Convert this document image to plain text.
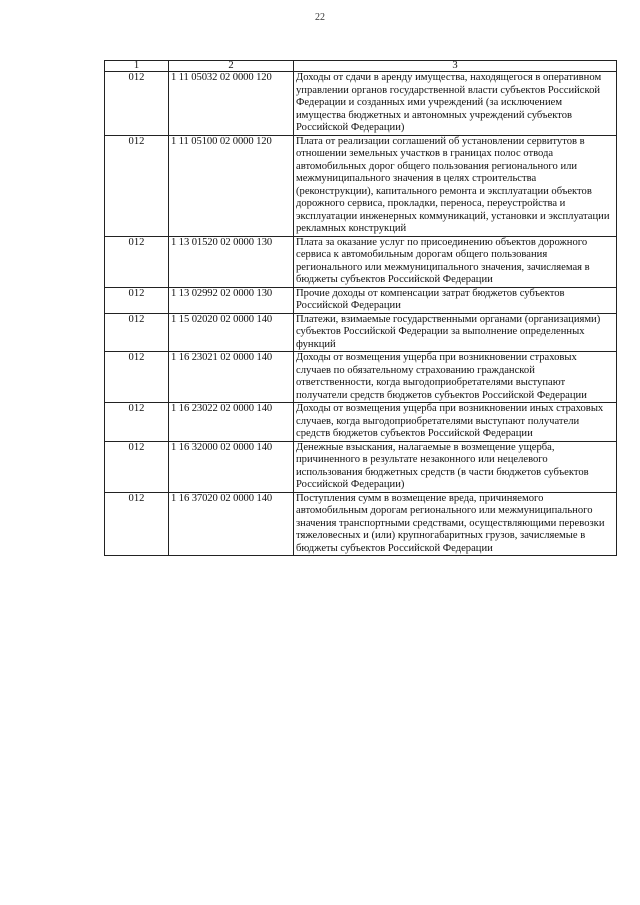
22
1	2	3
012	1 11 05032 02 0000 120	Доходы от сдачи в аренду имущества, находящегося в оперативном управлении органов государственной власти субъектов Российской Федерации и созданных ими учреждений (за исключением имущества бюджетных и автономных учреждений субъектов Российской Федерации)
012	1 11 05100 02 0000 120	Плата от реализации соглашений об установлении сервитутов в отношении земельных участков в границах полос отвода автомобильных дорог общего пользования регионального или межмуниципального значения в целях строительства (реконструкции), капитального ремонта и эксплуатации объектов дорожного сервиса, прокладки, переноса, переустройства и эксплуатации инженерных коммуникаций, установки и эксплуатации рекламных конструкций
012	1 13 01520 02 0000 130	Плата за оказание услуг по присоединению объектов дорожного сервиса к автомобильным дорогам общего пользования регионального или межмуниципального значения, зачисляемая в бюджеты субъектов Российской Федерации
012	1 13 02992 02 0000 130	Прочие доходы от компенсации затрат бюджетов субъектов Российской Федерации
012	1 15 02020 02 0000 140	Платежи, взимаемые государственными органами (организациями) субъектов Российской Федерации за выполнение определенных функций
012	1 16 23021 02 0000 140	Доходы от возмещения ущерба при возникновении страховых случаев по обязательному страхованию гражданской ответственности, когда выгодоприобретателями выступают получатели средств бюджетов субъектов Российской Федерации
012	1 16 23022 02 0000 140	Доходы от возмещения ущерба при возникновении иных страховых случаев, когда выгодоприобретателями выступают получатели средств бюджетов субъектов Российской Федерации
012	1 16 32000 02 0000 140	Денежные взыскания, налагаемые в возмещение ущерба, причиненного в результате незаконного или нецелевого использования бюджетных средств (в части бюджетов субъектов Российской Федерации)
012	1 16 37020 02 0000 140	Поступления сумм в возмещение вреда, причиняемого автомобильным дорогам регионального или межмуниципального значения транспортными средствами, осуществляющими перевозки тяжеловесных и (или) крупногабаритных грузов, зачисляемые в бюджеты субъектов Российской Федерации
